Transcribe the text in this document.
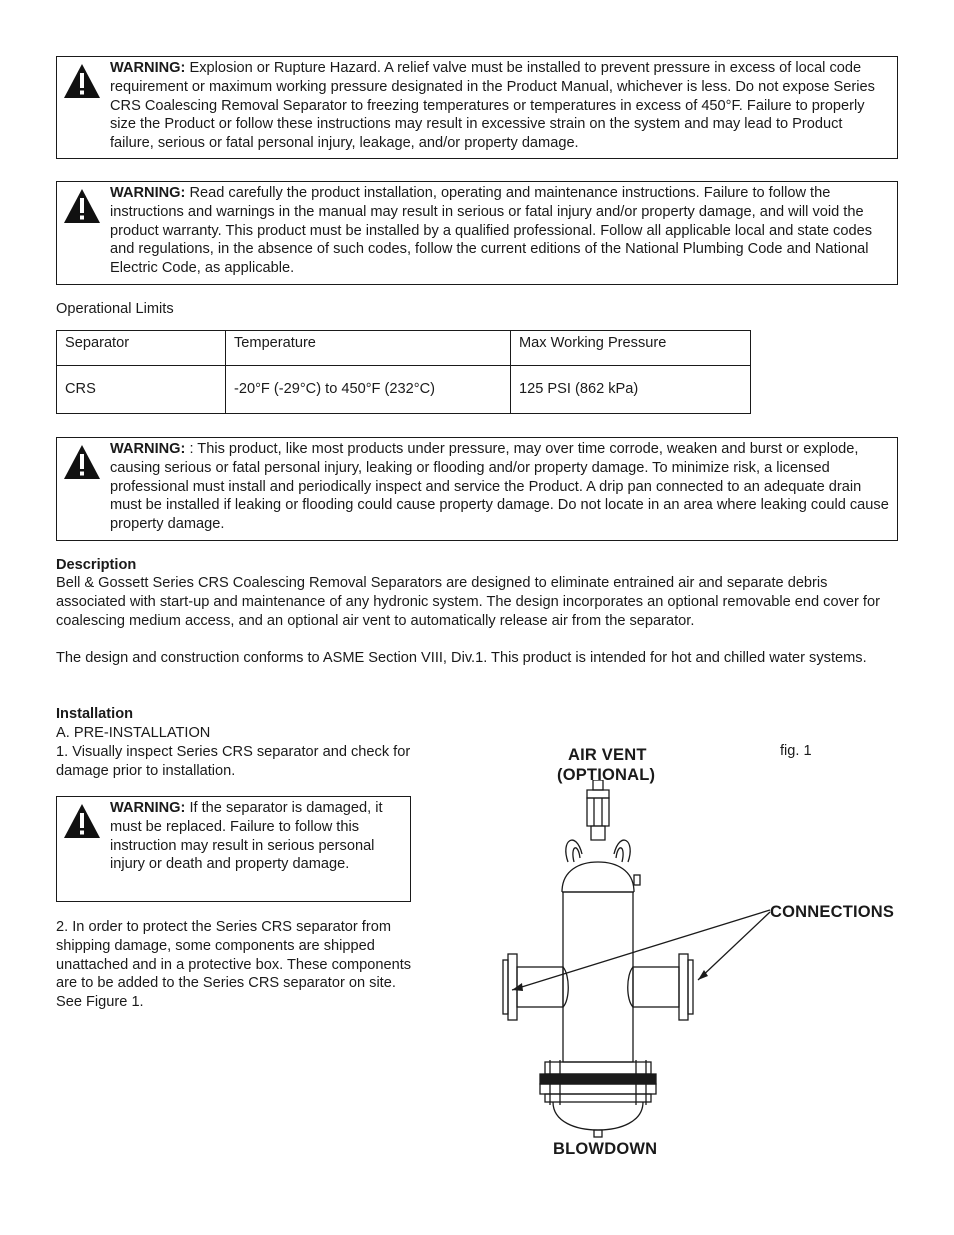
WARNING: Explosion or Rupture Hazard. A relief valve must be installed to prevent pressure in excess of local code requirement or maximum working pressure designated in the Product Manual, whichever is less. Do not expose Series CRS Coalescing Removal Separator to freezing temperatures or temperatures in excess of 450°F. Failure to properly size the Product or follow these instructions may result in excessive strain on the system and may lead to Product failure, serious or fatal personal injury, leakage, and/or property damage.
WARNING: Read carefully the product installation, operating and maintenance instructions. Failure to follow the instructions and warnings in the manual may result in serious or fatal injury and/or property damage, and will void the product warranty. This product must be installed by a qualified professional. Follow all applicable local and state codes and regulations, in the absence of such codes, follow the current editions of the National Plumbing Code and National Electric Code, as applicable.
Operational Limits
Separator	Temperature	Max Working Pressure
CRS	-20°F (-29°C) to 450°F (232°C)	125 PSI (862 kPa)
WARNING: : This product, like most products under pressure, may over time corrode, weaken and burst or explode, causing serious or fatal personal injury, leaking or flooding and/or property damage. To minimize risk, a licensed professional must install and periodically inspect and service the Product. A drip pan connected to an adequate drain must be installed if leaking or flooding could cause property damage. Do not locate in an area where leaking could cause property damage.
Description
Bell & Gossett Series CRS Coalescing Removal Separators are designed to eliminate entrained air and separate debris associated with start-up and maintenance of any hydronic system. The design incorporates an optional removable end cover for coalescing medium access, and an optional air vent to automatically release air from the separator.
The design and construction conforms to ASME Section VIII, Div.1. This product is intended for hot and chilled water systems.
Installation
A. PRE-INSTALLATION
1. Visually inspect Series CRS separator and check for damage prior to installation.
WARNING: If the separator is damaged, it must be replaced. Failure to follow this instruction may result in serious personal injury or death and property damage.
2. In order to protect the Series CRS separator from shipping damage, some components are shipped unattached and in a protective box. These components are to be added to the Series CRS separator on site. See Figure 1.
fig. 1
AIR VENT
(OPTIONAL)
CONNECTIONS
BLOWDOWN
